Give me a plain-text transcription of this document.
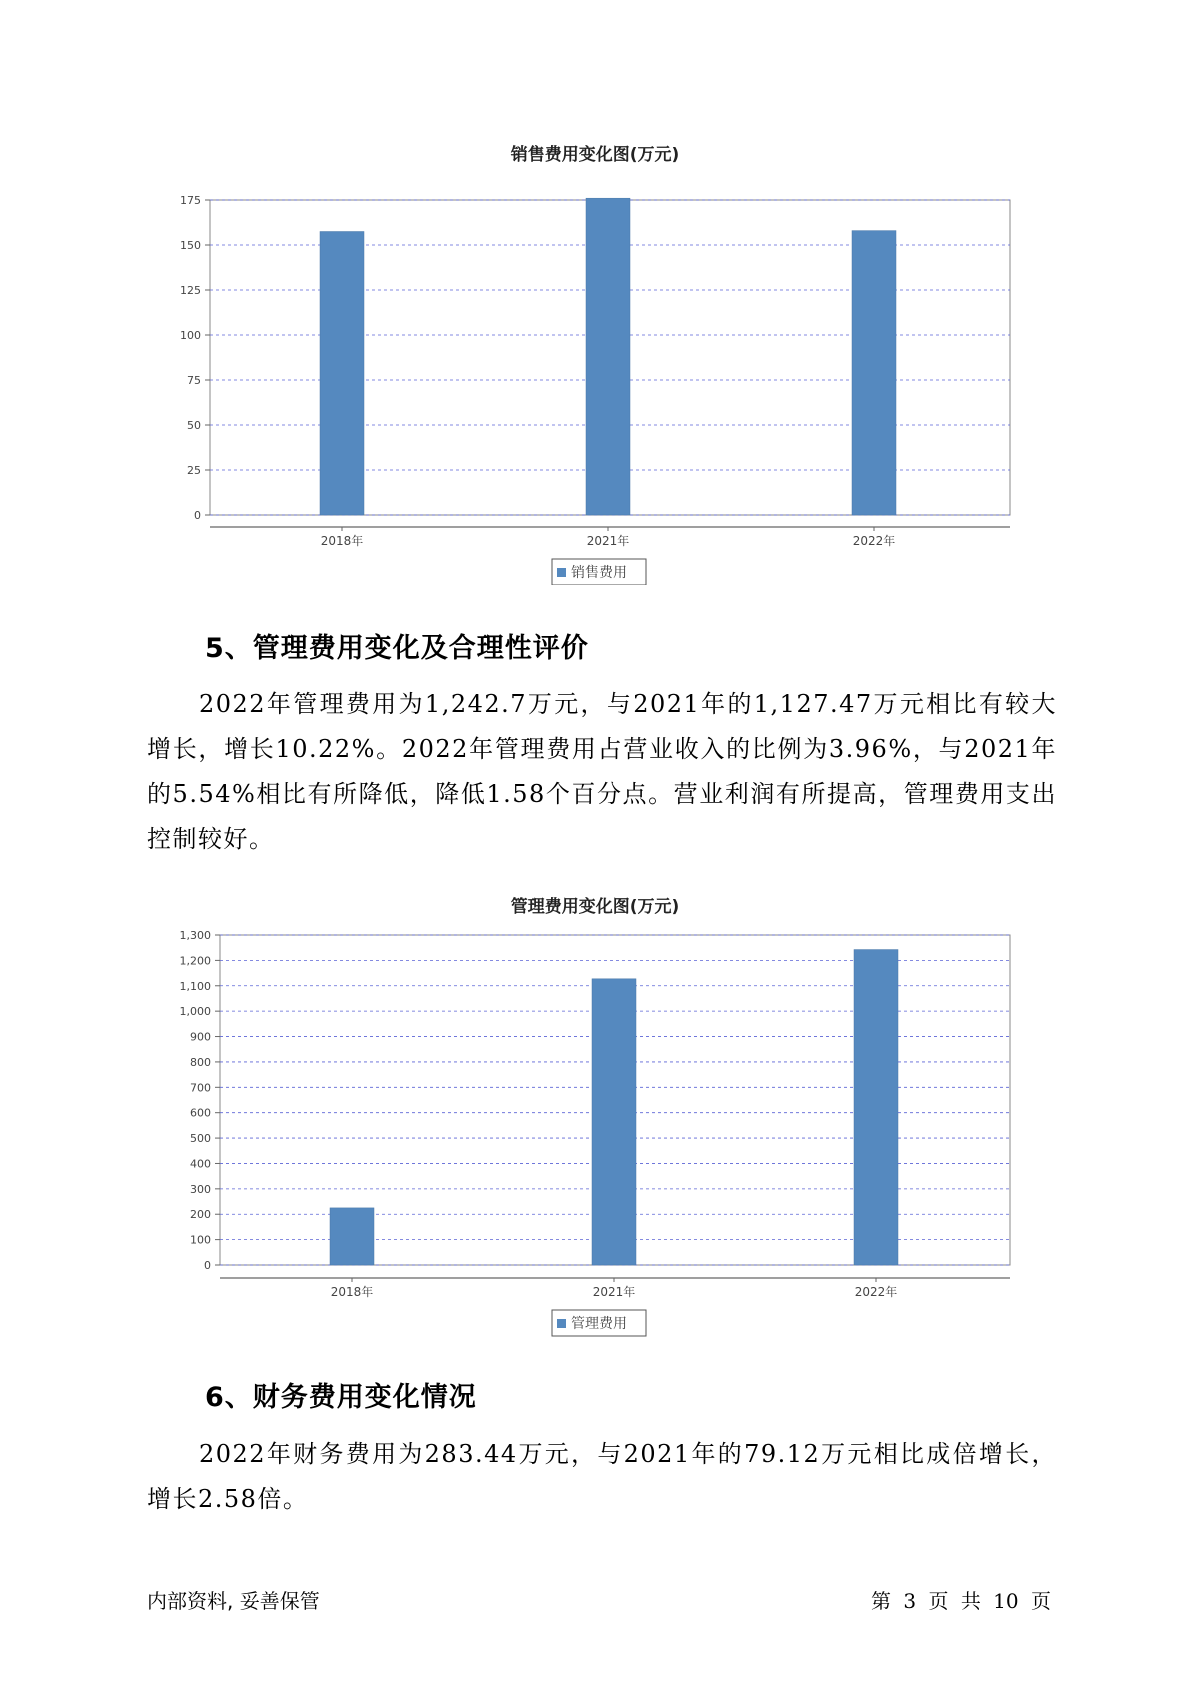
销售费用变化图(万元)
0
25
50
75
100
125
150
175
2018年	2021年	2022年
销售费用
5、管理费用变化及合理性评价

2022年管理费用为1,242.7万元，与2021年的1,127.47万元相比有较大增长，增长10.22%。2022年管理费用占营业收入的比例为3.96%，与2021年的5.54%相比有所降低，降低1.58个百分点。营业利润有所提高，管理费用支出控制较好。

管理费用变化图(万元)
0
100
200
300
400
500
600
700
800
900
1,000
1,100
1,200
1,300
2018年	2021年	2022年
管理费用
6、财务费用变化情况

2022年财务费用为283.44万元，与2021年的79.12万元相比成倍增长，增长2.58倍。

内部资料, 妥善保管	第 3 页 共 10 页
